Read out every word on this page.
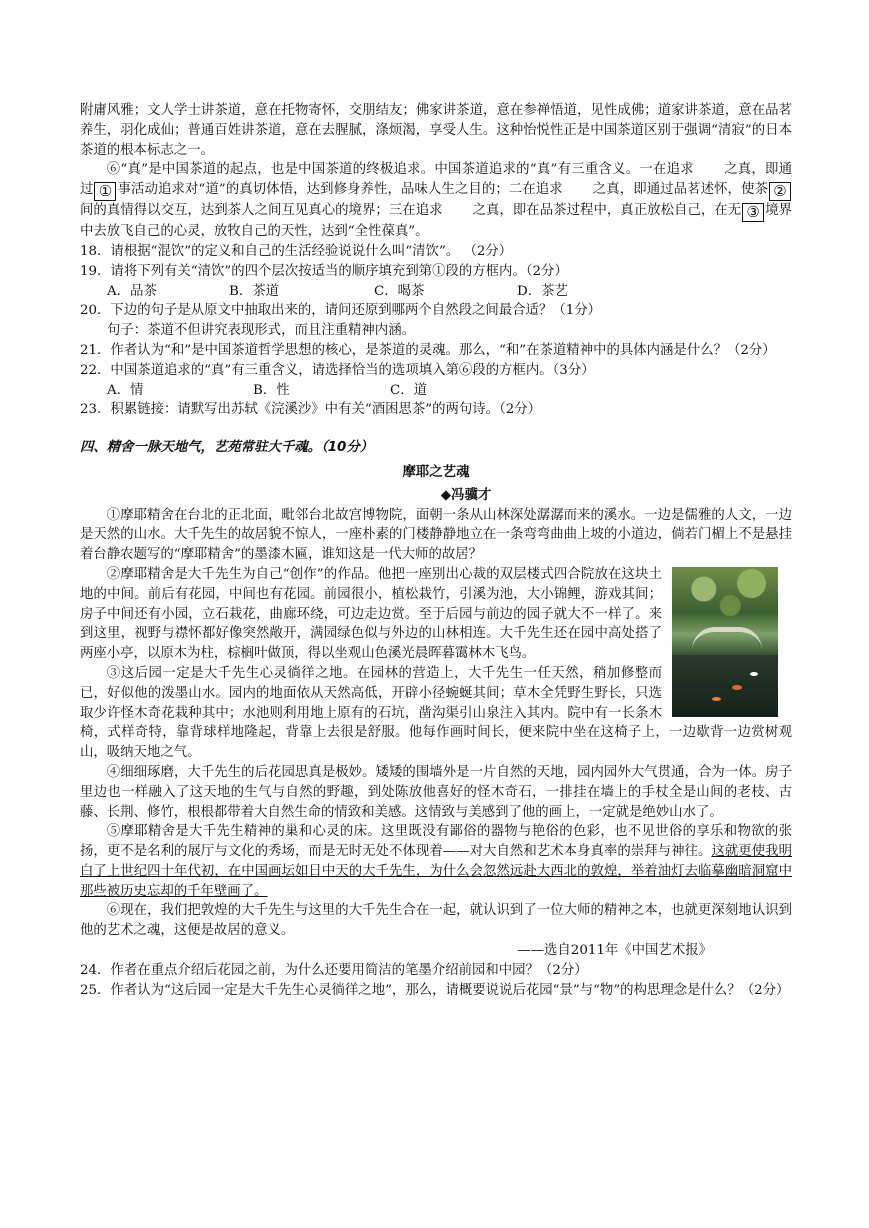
附庸风雅；文人学士讲茶道，意在托物寄怀，交朋结友；佛家讲茶道，意在参禅悟道，见性成佛；道家讲茶道，意在品茗养生，羽化成仙；普通百姓讲茶道，意在去腥腻，涤烦渴，享受人生。这种怡悦性正是中国茶道区别于强调“清寂”的日本茶道的根本标志之一。

⑥“真”是中国茶道的起点，也是中国茶道的终极追求。中国茶道追求的“真”有三重含义。一在追求 之真，即通过 ① 事活动追求对“道”的真切体悟，达到修身养性，品味人生之目的；二在追求 之真，即通过品茗述怀，使茶 ②间的真情得以交互，达到茶人之间互见真心的境界；三在追求 之真，即在品茶过程中，真正放松自己，在无 ③ 境界中去放飞自己的心灵，放牧自己的天性，达到“全性葆真”。

18．请根据“混饮”的定义和自己的生活经验说说什么叫“清饮”。 （2分）

19．请将下列有关“清饮”的四个层次按适当的顺序填充到第①段的方框内。（2分）

A．品茶	B．茶道	C．喝茶	D．茶艺

20．下边的句子是从原文中抽取出来的，请问还原到哪两个自然段之间最合适？（1分）

句子：茶道不但讲究表现形式，而且注重精神内涵。

21．作者认为“和”是中国茶道哲学思想的核心，是茶道的灵魂。那么，“和”在茶道精神中的具体内涵是什么？（2分）

22．中国茶道追求的“真”有三重含义，请选择恰当的选项填入第⑥段的方框内。（3分）

A．情	B．性	C．道

23．积累链接：请默写出苏轼《浣溪沙》中有关“酒困思茶”的两句诗。（2分）

四、精舍一脉天地气，艺苑常驻大千魂。（10分）

摩耶之艺魂

◆冯骥才

①摩耶精舍在台北的正北面，毗邻台北故宫博物院，面朝一条从山林深处潺潺而来的溪水。一边是儒雅的人文，一边是天然的山水。大千先生的故居貌不惊人，一座朴素的门楼静静地立在一条弯弯曲曲上坡的小道边，倘若门楣上不是悬挂着台静农题写的“摩耶精舍”的墨漆木匾，谁知这是一代大师的故居？

②摩耶精舍是大千先生为自己“创作”的作品。他把一座别出心裁的双层楼式四合院放在这块土地的中间。前后有花园，中间也有花园。前园很小，植松栽竹，引溪为池，大小锦鲤，游戏其间；房子中间还有小园，立石栽花，曲廊环绕，可边走边赏。至于后园与前边的园子就大不一样了。来到这里，视野与襟怀都好像突然敞开，满园绿色似与外边的山林相连。大千先生还在园中高处搭了两座小亭，以原木为柱，棕榈叶做顶，得以坐观山色溪光晨晖暮霭林木飞鸟。

③这后园一定是大千先生心灵徜徉之地。在园林的营造上，大千先生一任天然，稍加修整而已，好似他的泼墨山水。园内的地面依从天然高低，开辟小径蜿蜒其间；草木全凭野生野长，只选取少许怪木奇花栽种其中；水池则利用地上原有的石坑，凿沟渠引山泉注入其内。院中有一长条木椅，式样奇特，靠背球样地隆起，背靠上去很是舒服。他每作画时间长，便来院中坐在这椅子上，一边歇背一边赏树观山，吸纳天地之气。

④细细琢磨，大千先生的后花园思真是极妙。矮矮的围墙外是一片自然的天地，园内园外大气贯通，合为一体。房子里边也一样融入了这天地的生气与自然的野趣，到处陈放他喜好的怪木奇石，一排挂在墙上的手杖全是山间的老枝、古藤、长荆、修竹，根根都带着大自然生命的情致和美感。这情致与美感到了他的画上，一定就是绝妙山水了。

⑤摩耶精舍是大千先生精神的巢和心灵的床。这里既没有鄙俗的器物与艳俗的色彩，也不见世俗的享乐和物欲的张扬，更不是名利的展厅与文化的秀场，而是无时无处不体现着——对大自然和艺术本身真率的崇拜与神往。这就更使我明白了上世纪四十年代初，在中国画坛如日中天的大千先生，为什么会忽然远赴大西北的敦煌，举着油灯去临摹幽暗洞窟中那些被历史忘却的千年壁画了。

⑥现在，我们把敦煌的大千先生与这里的大千先生合在一起，就认识到了一位大师的精神之本，也就更深刻地认识到他的艺术之魂，这便是故居的意义。

——选自2011年《中国艺术报》

24．作者在重点介绍后花园之前，为什么还要用简洁的笔墨介绍前园和中园？（2分）

25．作者认为“这后园一定是大千先生心灵徜徉之地”，那么，请概要说说后花园“景”与“物”的构思理念是什么？（2分）
